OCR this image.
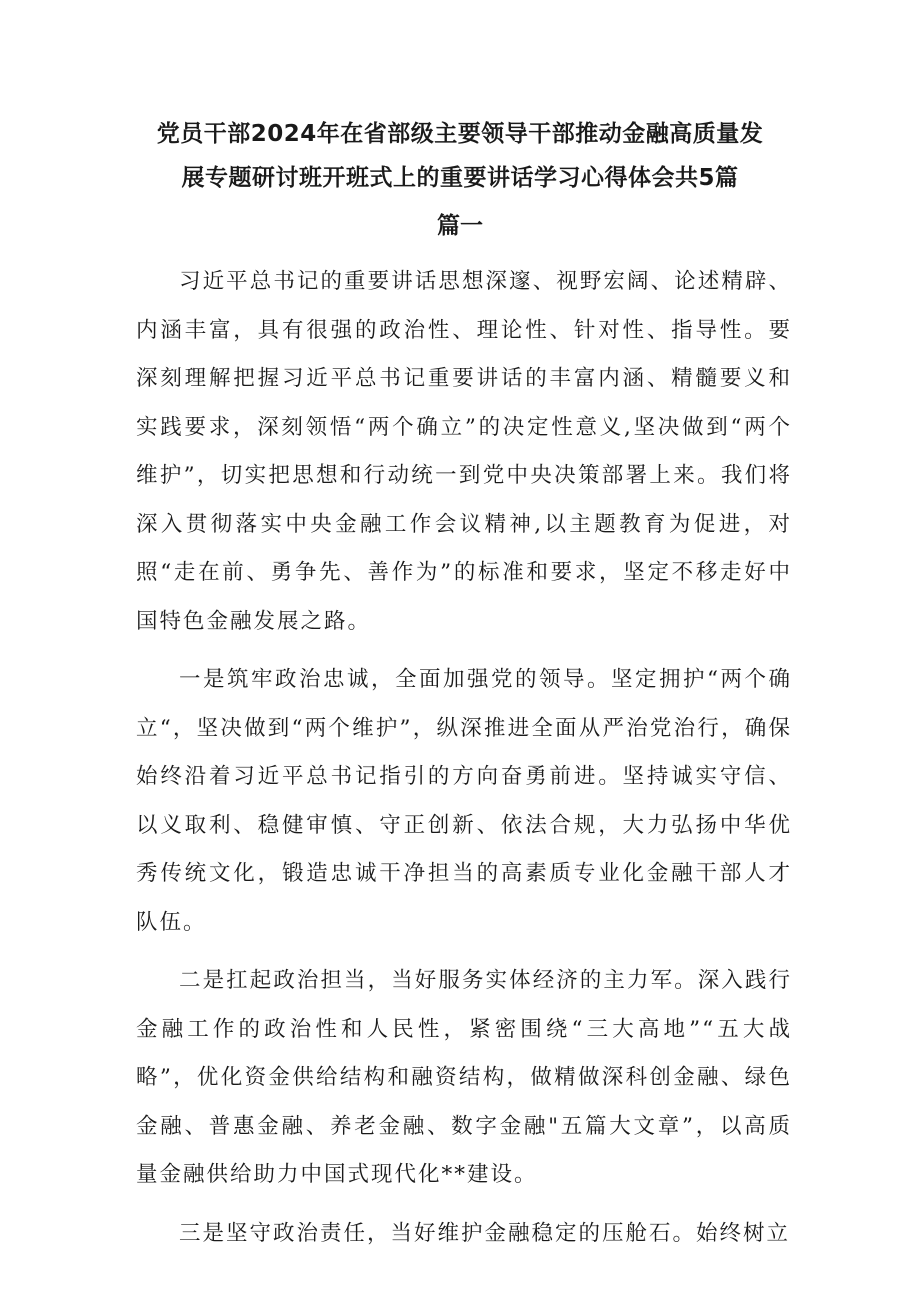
党员干部2024年在省部级主要领导干部推动金融高质量发
展专题研讨班开班式上的重要讲话学习心得体会共5篇
篇一

习近平总书记的重要讲话思想深邃、视野宏阔、论述精辟、内涵丰富，具有很强的政治性、理论性、针对性、指导性。要深刻理解把握习近平总书记重要讲话的丰富内涵、精髓要义和实践要求，深刻领悟“两个确立”的决定性意义,坚决做到“两个维护”，切实把思想和行动统一到党中央决策部署上来。我们将深入贯彻落实中央金融工作会议精神,以主题教育为促进，对照“走在前、勇争先、善作为”的标准和要求，坚定不移走好中国特色金融发展之路。

一是筑牢政治忠诚，全面加强党的领导。坚定拥护“两个确立“，坚决做到“两个维护”，纵深推进全面从严治党治行，确保始终沿着习近平总书记指引的方向奋勇前进。坚持诚实守信、以义取利、稳健审慎、守正创新、依法合规，大力弘扬中华优秀传统文化，锻造忠诚干净担当的高素质专业化金融干部人才队伍。

二是扛起政治担当，当好服务实体经济的主力军。深入践行金融工作的政治性和人民性，紧密围绕“三大高地”“五大战略”，优化资金供给结构和融资结构，做精做深科创金融、绿色金融、普惠金融、养老金融、数字金融"五篇大文章”，以高质量金融供给助力中国式现代化**建设。

三是坚守政治责任，当好维护金融稳定的压舱石。始终树立
